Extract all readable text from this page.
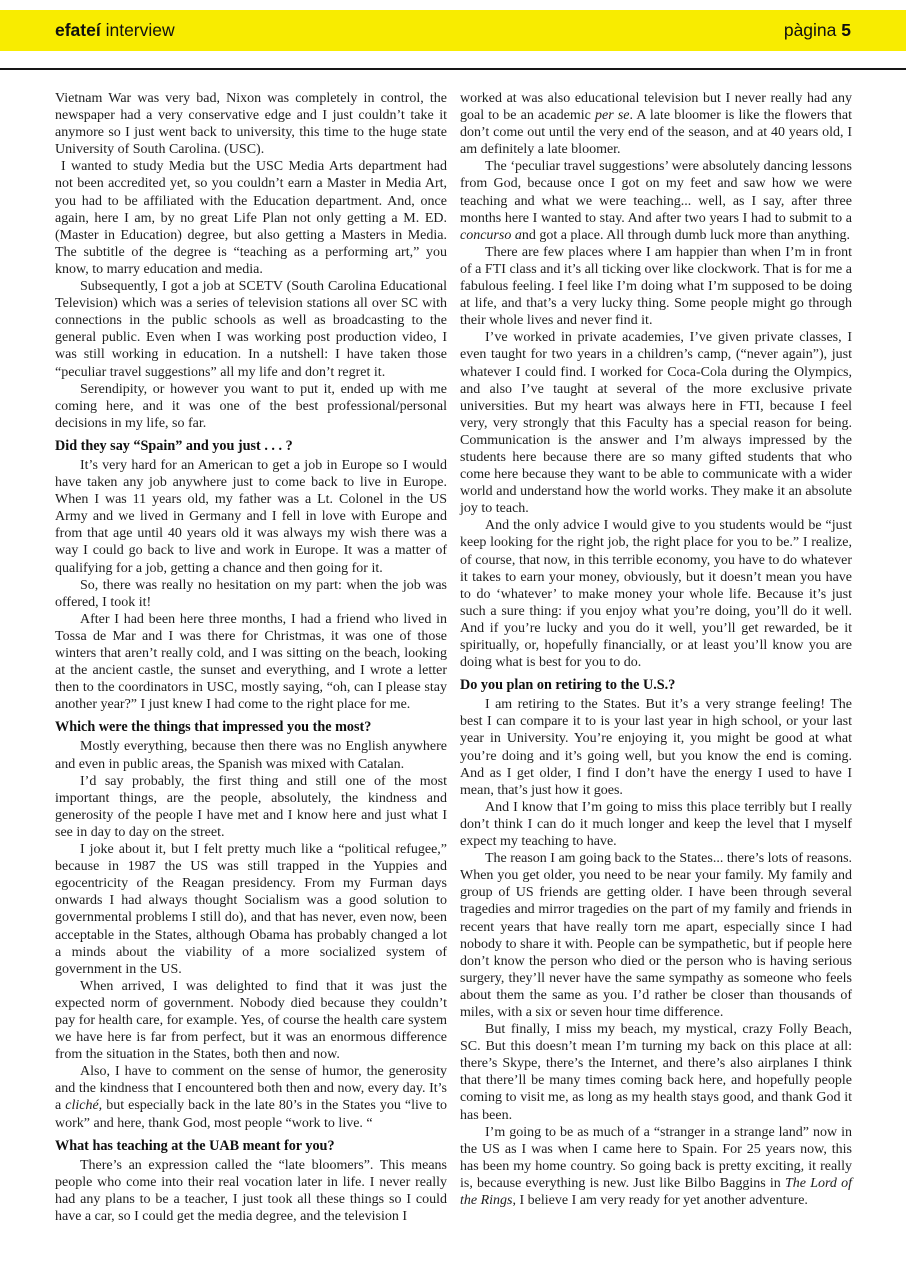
efateí interview	pàgina 5

Vietnam War was very bad, Nixon was completely in control, the newspaper had a very conservative edge and I just couldn’t take it anymore so I just went back to university, this time to the huge state University of South Carolina. (USC).

I wanted to study Media but the USC Media Arts department had not been accredited yet, so you couldn’t earn a Master in Media Art, you had to be affiliated with the Education department. And, once again, here I am, by no great Life Plan not only getting a M. ED. (Master in Education) degree, but also getting a Masters in Media. The subtitle of the degree is “teaching as a performing art,” you know, to marry education and media.

Subsequently, I got a job at SCETV (South Carolina Educational Television) which was a series of television stations all over SC with connections in the public schools as well as broadcasting to the general public. Even when I was working post production video, I was still working in education. In a nutshell: I have taken those “peculiar travel suggestions” all my life and don’t regret it.

Serendipity, or however you want to put it, ended up with me coming here, and it was one of the best professional/personal decisions in my life, so far.

Did they say “Spain” and you just . . . ?

It’s very hard for an American to get a job in Europe so I would have taken any job anywhere just to come back to live in Europe. When I was 11 years old, my father was a Lt. Colonel in the US Army and we lived in Germany and I fell in love with Europe and from that age until 40 years old it was always my wish there was a way I could go back to live and work in Europe. It was a matter of qualifying for a job, getting a chance and then going for it.

So, there was really no hesitation on my part: when the job was offered, I took it!

After I had been here three months, I had a friend who lived in Tossa de Mar and I was there for Christmas, it was one of those winters that aren’t really cold, and I was sitting on the beach, looking at the ancient castle, the sunset and everything, and I wrote a letter then to the coordinators in USC, mostly saying, “oh, can I please stay another year?” I just knew I had come to the right place for me.

Which were the things that impressed you the most?

Mostly everything, because then there was no English anywhere and even in public areas, the Spanish was mixed with Catalan.

I’d say probably, the first thing and still one of the most important things, are the people, absolutely, the kindness and generosity of the people I have met and I know here and just what I see in day to day on the street.

I joke about it, but I felt pretty much like a “political refugee,” because in 1987 the US was still trapped in the Yuppies and egocentricity of the Reagan presidency. From my Furman days onwards I had always thought Socialism was a good solution to governmental problems I still do), and that has never, even now, been acceptable in the States, although Obama has probably changed a lot a minds about the viability of a more socialized system of government in the US.

When arrived, I was delighted to find that it was just the expected norm of government. Nobody died because they couldn’t pay for health care, for example. Yes, of course the health care system we have here is far from perfect, but it was an enormous difference from the situation in the States, both then and now.

Also, I have to comment on the sense of humor, the generosity and the kindness that I encountered both then and now, every day. It’s a cliché, but especially back in the late 80’s in the States you “live to work” and here, thank God, most people “work to live. “

What has teaching at the UAB meant for you?

There’s an expression called the “late bloomers”. This means people who come into their real vocation later in life. I never really had any plans to be a teacher, I just took all these things so I could have a car, so I could get the media degree, and the television I

worked at was also educational television but I never really had any goal to be an academic per se. A late bloomer is like the flowers that don’t come out until the very end of the season, and at 40 years old, I am definitely a late bloomer.

The ‘peculiar travel suggestions’ were absolutely dancing lessons from God, because once I got on my feet and saw how we were teaching and what we were teaching... well, as I say, after three months here I wanted to stay. And after two years I had to submit to a concurso and got a place. All through dumb luck more than anything.

There are few places where I am happier than when I’m in front of a FTI class and it’s all ticking over like clockwork. That is for me a fabulous feeling. I feel like I’m doing what I’m supposed to be doing at life, and that’s a very lucky thing. Some people might go through their whole lives and never find it.

I’ve worked in private academies, I’ve given private classes, I even taught for two years in a children’s camp, (“never again”), just whatever I could find. I worked for Coca-Cola during the Olympics, and also I’ve taught at several of the more exclusive private universities. But my heart was always here in FTI, because I feel very, very strongly that this Faculty has a special reason for being. Communication is the answer and I’m always impressed by the students here because there are so many gifted students that who come here because they want to be able to communicate with a wider world and understand how the world works. They make it an absolute joy to teach.

And the only advice I would give to you students would be “just keep looking for the right job, the right place for you to be.” I realize, of course, that now, in this terrible economy, you have to do whatever it takes to earn your money, obviously, but it doesn’t mean you have to do ‘whatever’ to make money your whole life. Because it’s just such a sure thing: if you enjoy what you’re doing, you’ll do it well. And if you’re lucky and you do it well, you’ll get rewarded, be it spiritually, or, hopefully financially, or at least you’ll know you are doing what is best for you to do.

Do you plan on retiring to the U.S.?

I am retiring to the States. But it’s a very strange feeling! The best I can compare it to is your last year in high school, or your last year in University. You’re enjoying it, you might be good at what you’re doing and it’s going well, but you know the end is coming. And as I get older, I find I don’t have the energy I used to have I mean, that’s just how it goes.

And I know that I’m going to miss this place terribly but I really don’t think I can do it much longer and keep the level that I myself expect my teaching to have.

The reason I am going back to the States... there’s lots of reasons. When you get older, you need to be near your family. My family and group of US friends are getting older. I have been through several tragedies and mirror tragedies on the part of my family and friends in recent years that have really torn me apart, especially since I had nobody to share it with. People can be sympathetic, but if people here don’t know the person who died or the person who is having serious surgery, they’ll never have the same sympathy as someone who feels about them the same as you. I’d rather be closer than thousands of miles, with a six or seven hour time difference.

But finally, I miss my beach, my mystical, crazy Folly Beach, SC. But this doesn’t mean I’m turning my back on this place at all: there’s Skype, there’s the Internet, and there’s also airplanes I think that there’ll be many times coming back here, and hopefully people coming to visit me, as long as my health stays good, and thank God it has been.

I’m going to be as much of a “stranger in a strange land” now in the US as I was when I came here to Spain. For 25 years now, this has been my home country. So going back is pretty exciting, it really is, because everything is new. Just like Bilbo Baggins in The Lord of the Rings, I believe I am very ready for yet another adventure.
